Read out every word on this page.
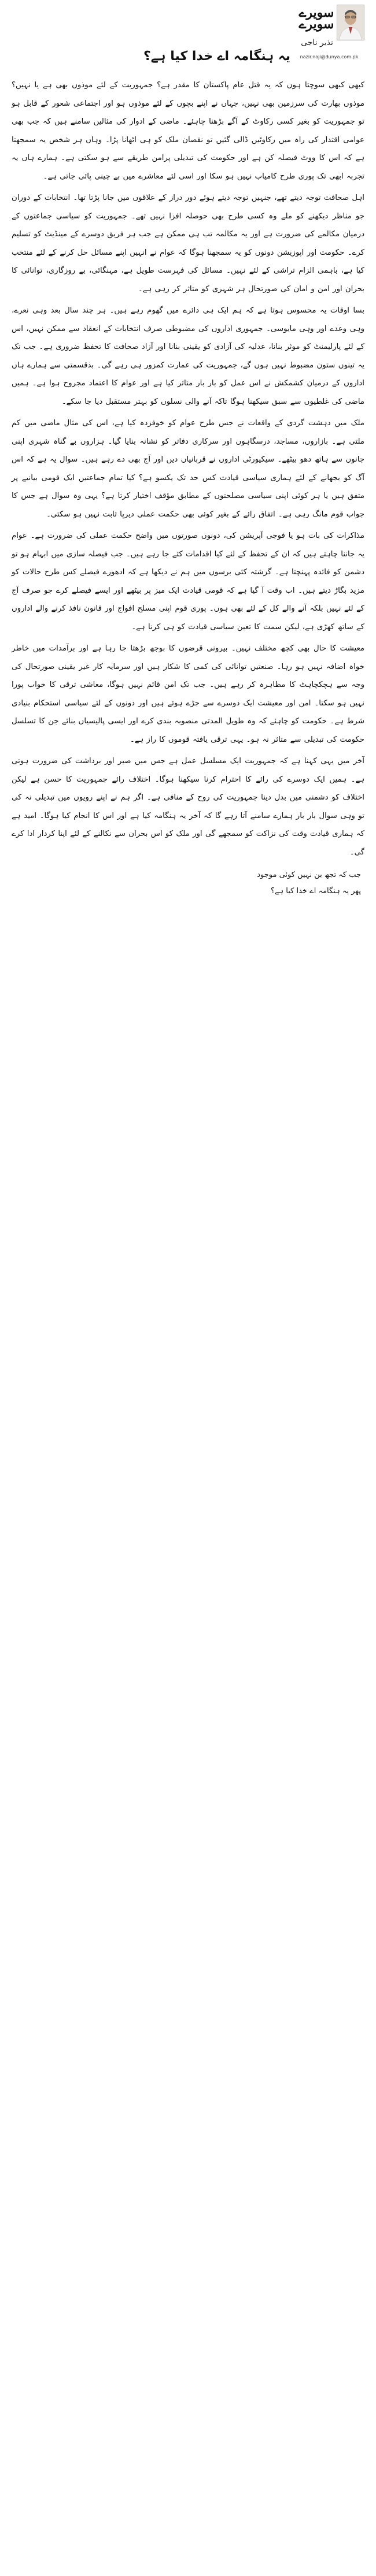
یہ ہنگامہ اے خدا کیا ہے؟
سویرے سویرے
نذیر ناجی
nazir.naji@dunya.com.pk

کبھی کبھی سوچتا ہوں کہ یہ قتل عام پاکستان کا مقدر ہے؟ جمہوریت کے لئے موذوں بھی ہے یا نہیں؟ موذوں بھارت کی سرزمین بھی نہیں، جہاں نے اپنے بچوں کے لئے موذوں ہو اور اجتماعی شعور کے قابل ہو تو جمہوریت کو بغیر کسی رکاوٹ کے آگے بڑھنا چاہئے۔ ماضی کے ادوار کی مثالیں سامنے ہیں کہ جب بھی عوامی اقتدار کی راہ میں رکاوٹیں ڈالی گئیں تو نقصان ملک کو ہی اٹھانا پڑا۔ وہاں ہر شخص یہ سمجھتا ہے کہ اس کا ووٹ فیصلہ کن ہے اور حکومت کی تبدیلی پرامن طریقے سے ہو سکتی ہے۔ ہمارے ہاں یہ تجربہ ابھی تک پوری طرح کامیاب نہیں ہو سکا اور اسی لئے معاشرے میں بے چینی پائی جاتی ہے۔

اہل صحافت توجہ دیتے تھے، جنہیں توجہ دیتے ہوئے دور دراز کے علاقوں میں جانا پڑتا تھا۔ انتخابات کے دوران جو مناظر دیکھنے کو ملے وہ کسی طرح بھی حوصلہ افزا نہیں تھے۔ جمہوریت کو سیاسی جماعتوں کے درمیان مکالمے کی ضرورت ہے اور یہ مکالمہ تب ہی ممکن ہے جب ہر فریق دوسرے کے مینڈیٹ کو تسلیم کرے۔ حکومت اور اپوزیشن دونوں کو یہ سمجھنا ہوگا کہ عوام نے انہیں اپنے مسائل حل کرنے کے لئے منتخب کیا ہے، باہمی الزام تراشی کے لئے نہیں۔ مسائل کی فہرست طویل ہے، مہنگائی، بے روزگاری، توانائی کا بحران اور امن و امان کی صورتحال ہر شہری کو متاثر کر رہی ہے۔

بسا اوقات یہ محسوس ہوتا ہے کہ ہم ایک ہی دائرے میں گھوم رہے ہیں۔ ہر چند سال بعد وہی نعرے، وہی وعدے اور وہی مایوسی۔ جمہوری اداروں کی مضبوطی صرف انتخابات کے انعقاد سے ممکن نہیں، اس کے لئے پارلیمنٹ کو موثر بنانا، عدلیہ کی آزادی کو یقینی بنانا اور آزاد صحافت کا تحفظ ضروری ہے۔ جب تک یہ تینوں ستون مضبوط نہیں ہوں گے، جمہوریت کی عمارت کمزور ہی رہے گی۔ بدقسمتی سے ہمارے ہاں اداروں کے درمیان کشمکش نے اس عمل کو بار بار متاثر کیا ہے اور عوام کا اعتماد مجروح ہوا ہے۔ ہمیں ماضی کی غلطیوں سے سبق سیکھنا ہوگا تاکہ آنے والی نسلوں کو بہتر مستقبل دیا جا سکے۔

ملک میں دہشت گردی کے واقعات نے جس طرح عوام کو خوفزدہ کیا ہے، اس کی مثال ماضی میں کم ملتی ہے۔ بازاروں، مساجد، درسگاہوں اور سرکاری دفاتر کو نشانہ بنایا گیا۔ ہزاروں بے گناہ شہری اپنی جانوں سے ہاتھ دھو بیٹھے۔ سیکیورٹی اداروں نے قربانیاں دیں اور آج بھی دے رہے ہیں۔ سوال یہ ہے کہ اس آگ کو بجھانے کے لئے ہماری سیاسی قیادت کس حد تک یکسو ہے؟ کیا تمام جماعتیں ایک قومی بیانیے پر متفق ہیں یا ہر کوئی اپنی سیاسی مصلحتوں کے مطابق مؤقف اختیار کرتا ہے؟ یہی وہ سوال ہے جس کا جواب قوم مانگ رہی ہے۔ اتفاق رائے کے بغیر کوئی بھی حکمت عملی دیرپا ثابت نہیں ہو سکتی۔

مذاکرات کی بات ہو یا فوجی آپریشن کی، دونوں صورتوں میں واضح حکمت عملی کی ضرورت ہے۔ عوام یہ جاننا چاہتے ہیں کہ ان کے تحفظ کے لئے کیا اقدامات کئے جا رہے ہیں۔ جب فیصلہ سازی میں ابہام ہو تو دشمن کو فائدہ پہنچتا ہے۔ گزشتہ کئی برسوں میں ہم نے دیکھا ہے کہ ادھورے فیصلے کس طرح حالات کو مزید بگاڑ دیتے ہیں۔ اب وقت آ گیا ہے کہ قومی قیادت ایک میز پر بیٹھے اور ایسے فیصلے کرے جو صرف آج کے لئے نہیں بلکہ آنے والے کل کے لئے بھی ہوں۔ پوری قوم اپنی مسلح افواج اور قانون نافذ کرنے والے اداروں کے ساتھ کھڑی ہے، لیکن سمت کا تعین سیاسی قیادت کو ہی کرنا ہے۔

معیشت کا حال بھی کچھ مختلف نہیں۔ بیرونی قرضوں کا بوجھ بڑھتا جا رہا ہے اور برآمدات میں خاطر خواہ اضافہ نہیں ہو رہا۔ صنعتیں توانائی کی کمی کا شکار ہیں اور سرمایہ کار غیر یقینی صورتحال کی وجہ سے ہچکچاہٹ کا مظاہرہ کر رہے ہیں۔ جب تک امن قائم نہیں ہوگا، معاشی ترقی کا خواب پورا نہیں ہو سکتا۔ امن اور معیشت ایک دوسرے سے جڑے ہوئے ہیں اور دونوں کے لئے سیاسی استحکام بنیادی شرط ہے۔ حکومت کو چاہئے کہ وہ طویل المدتی منصوبہ بندی کرے اور ایسی پالیسیاں بنائے جن کا تسلسل حکومت کی تبدیلی سے متاثر نہ ہو۔ یہی ترقی یافتہ قوموں کا راز ہے۔

آخر میں یہی کہنا ہے کہ جمہوریت ایک مسلسل عمل ہے جس میں صبر اور برداشت کی ضرورت ہوتی ہے۔ ہمیں ایک دوسرے کی رائے کا احترام کرنا سیکھنا ہوگا۔ اختلاف رائے جمہوریت کا حسن ہے لیکن اختلاف کو دشمنی میں بدل دینا جمہوریت کی روح کے منافی ہے۔ اگر ہم نے اپنے رویوں میں تبدیلی نہ کی تو وہی سوال بار بار ہمارے سامنے آتا رہے گا کہ آخر یہ ہنگامہ کیا ہے اور اس کا انجام کیا ہوگا۔ امید ہے کہ ہماری قیادت وقت کی نزاکت کو سمجھے گی اور ملک کو اس بحران سے نکالنے کے لئے اپنا کردار ادا کرے گی۔

جب کہ تجھ بن نہیں کوئی موجود
پھر یہ ہنگامہ اے خدا کیا ہے؟
